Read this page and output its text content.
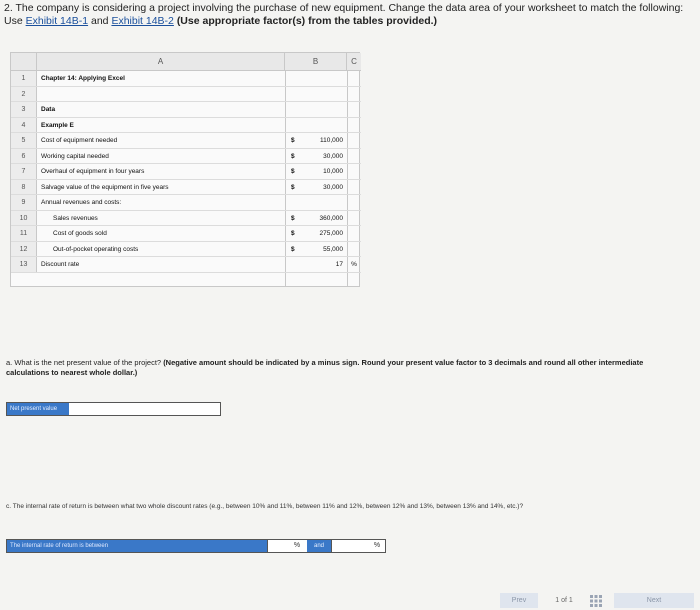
2. The company is considering a project involving the purchase of new equipment. Change the data area of your worksheet to match the following: Use Exhibit 14B-1 and Exhibit 14B-2 (Use appropriate factor(s) from the tables provided.)
A	B	C
1	Chapter 14: Applying Excel
2
3	Data
4	Example E
5	Cost of equipment needed	$	110,000
6	Working capital needed	$	30,000
7	Overhaul of equipment in four years	$	10,000
8	Salvage value of the equipment in five years	$	30,000
9	Annual revenues and costs:
10	Sales revenues	$	360,000
11	Cost of goods sold	$	275,000
12	Out-of-pocket operating costs	$	55,000
13	Discount rate	17	%
a. What is the net present value of the project? (Negative amount should be indicated by a minus sign. Round your present value factor to 3 decimals and round all other intermediate calculations to nearest whole dollar.)
Net present value
c. The internal rate of return is between what two whole discount rates (e.g., between 10% and 11%, between 11% and 12%, between 12% and 13%, between 13% and 14%, etc.)?
The internal rate of return is between	%	and	%
Prev	1 of 1	Next
